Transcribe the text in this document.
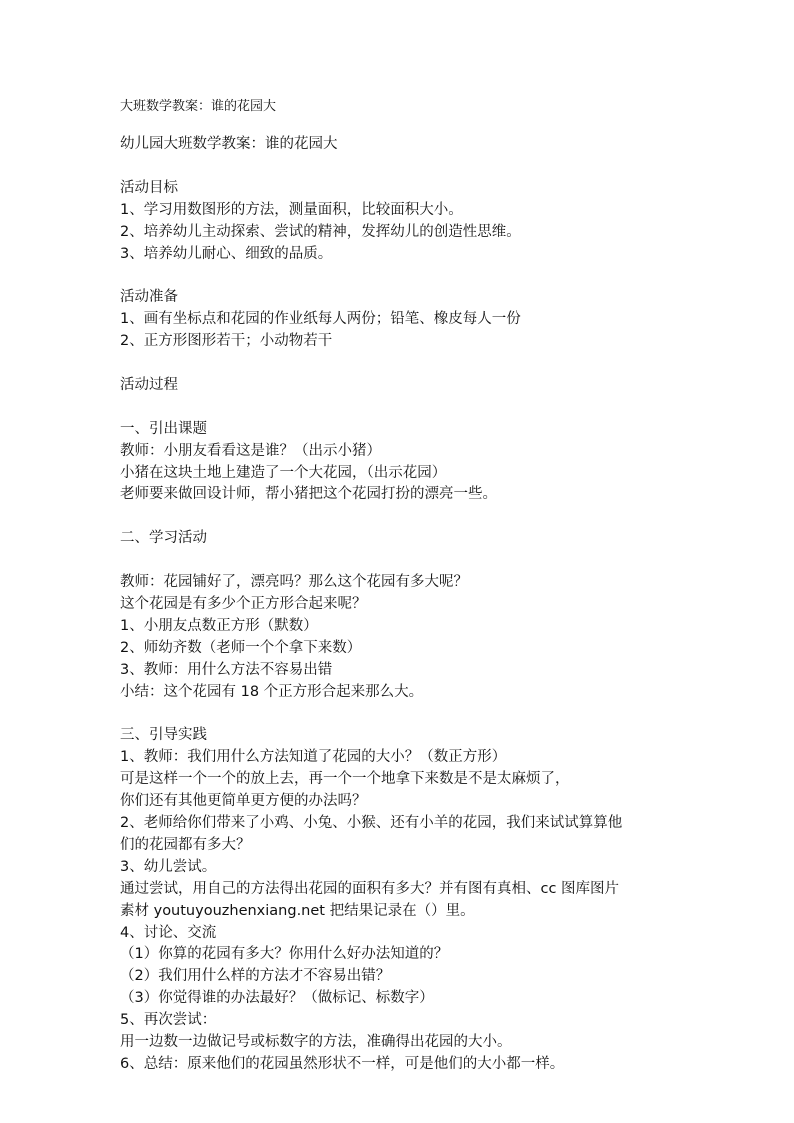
大班数学教案：谁的花园大
幼儿园大班数学教案：谁的花园大
活动目标
1、学习用数图形的方法，测量面积，比较面积大小。
2、培养幼儿主动探索、尝试的精神，发挥幼儿的创造性思维。
3、培养幼儿耐心、细致的品质。
活动准备
1、画有坐标点和花园的作业纸每人两份；铅笔、橡皮每人一份
2、正方形图形若干；小动物若干
活动过程
一、引出课题
教师：小朋友看看这是谁？（出示小猪）
小猪在这块土地上建造了一个大花园，（出示花园）
老师要来做回设计师，帮小猪把这个花园打扮的漂亮一些。
二、学习活动
教师：花园铺好了，漂亮吗？那么这个花园有多大呢？
这个花园是有多少个正方形合起来呢？
1、小朋友点数正方形（默数）
2、师幼齐数（老师一个个拿下来数）
3、教师：用什么方法不容易出错
小结：这个花园有 18 个正方形合起来那么大。
三、引导实践
1、教师：我们用什么方法知道了花园的大小？（数正方形）
可是这样一个一个的放上去，再一个一个地拿下来数是不是太麻烦了，
你们还有其他更简单更方便的办法吗？
2、老师给你们带来了小鸡、小兔、小猴、还有小羊的花园，我们来试试算算他
们的花园都有多大？
3、幼儿尝试。
通过尝试，用自己的方法得出花园的面积有多大？并有图有真相、cc 图库图片
素材 youtuyouzhenxiang.net 把结果记录在（）里。
4、讨论、交流
（1）你算的花园有多大？你用什么好办法知道的？
（2）我们用什么样的方法才不容易出错？
（3）你觉得谁的办法最好？（做标记、标数字）
5、再次尝试：
用一边数一边做记号或标数字的方法，准确得出花园的大小。
6、总结：原来他们的花园虽然形状不一样，可是他们的大小都一样。
